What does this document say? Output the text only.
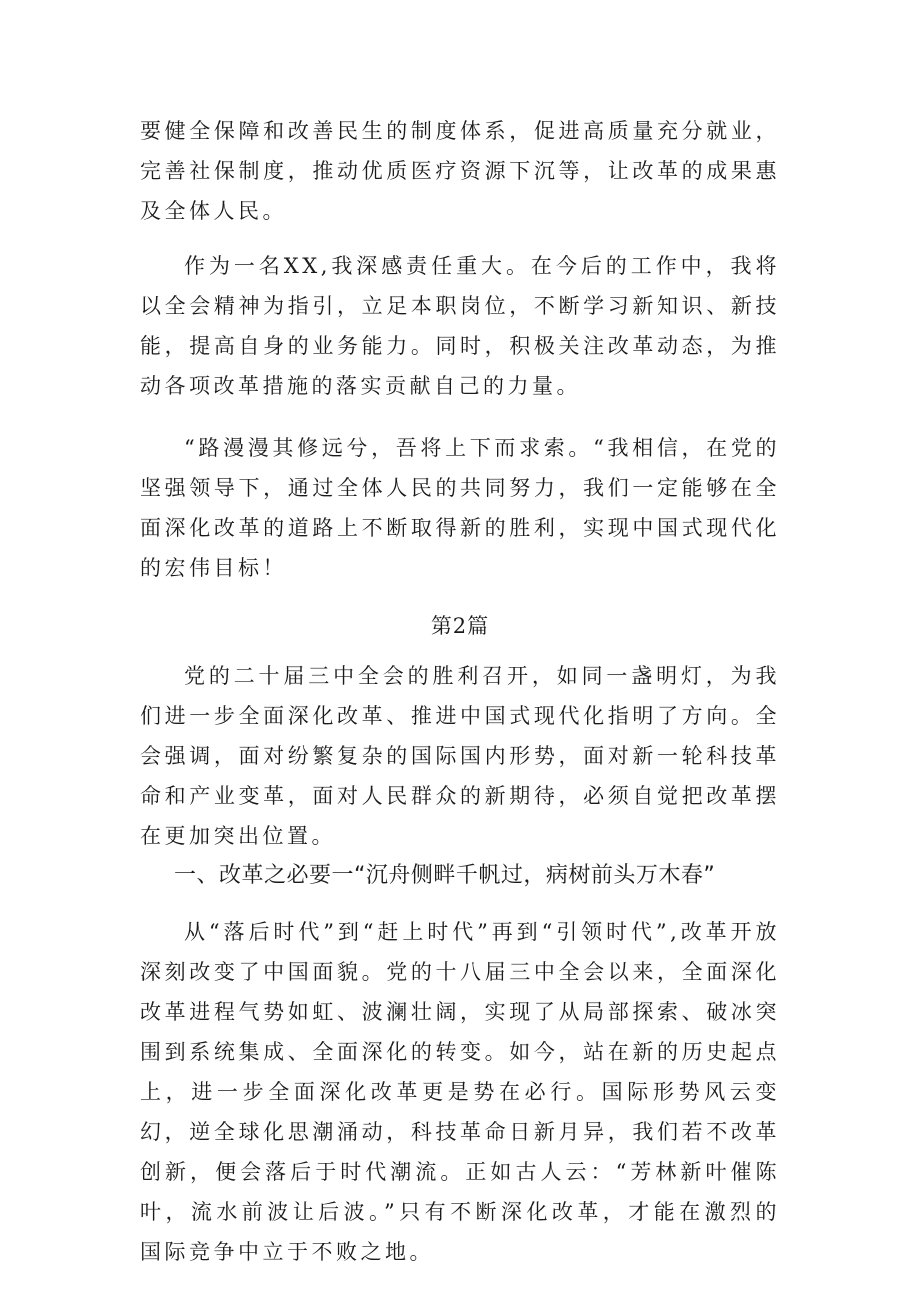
要健全保障和改善民生的制度体系，促进高质量充分就业，完善社保制度，推动优质医疗资源下沉等，让改革的成果惠及全体人民。

作为一名XX,我深感责任重大。在今后的工作中，我将以全会精神为指引，立足本职岗位，不断学习新知识、新技能，提高自身的业务能力。同时，积极关注改革动态，为推动各项改革措施的落实贡献自己的力量。

“路漫漫其修远兮，吾将上下而求索。“我相信，在党的坚强领导下，通过全体人民的共同努力，我们一定能够在全面深化改革的道路上不断取得新的胜利，实现中国式现代化的宏伟目标！

第2篇

党的二十届三中全会的胜利召开，如同一盏明灯，为我们进一步全面深化改革、推进中国式现代化指明了方向。全会强调，面对纷繁复杂的国际国内形势，面对新一轮科技革命和产业变革，面对人民群众的新期待，必须自觉把改革摆在更加突出位置。

一、改革之必要一“沉舟侧畔千帆过，病树前头万木春”

从“落后时代”到“赶上时代”再到“引领时代”,改革开放深刻改变了中国面貌。党的十八届三中全会以来，全面深化改革进程气势如虹、波澜壮阔，实现了从局部探索、破冰突围到系统集成、全面深化的转变。如今，站在新的历史起点上，进一步全面深化改革更是势在必行。国际形势风云变幻，逆全球化思潮涌动，科技革命日新月异，我们若不改革创新，便会落后于时代潮流。正如古人云：“芳林新叶催陈叶，流水前波让后波。”只有不断深化改革，才能在激烈的国际竞争中立于不败之地。
